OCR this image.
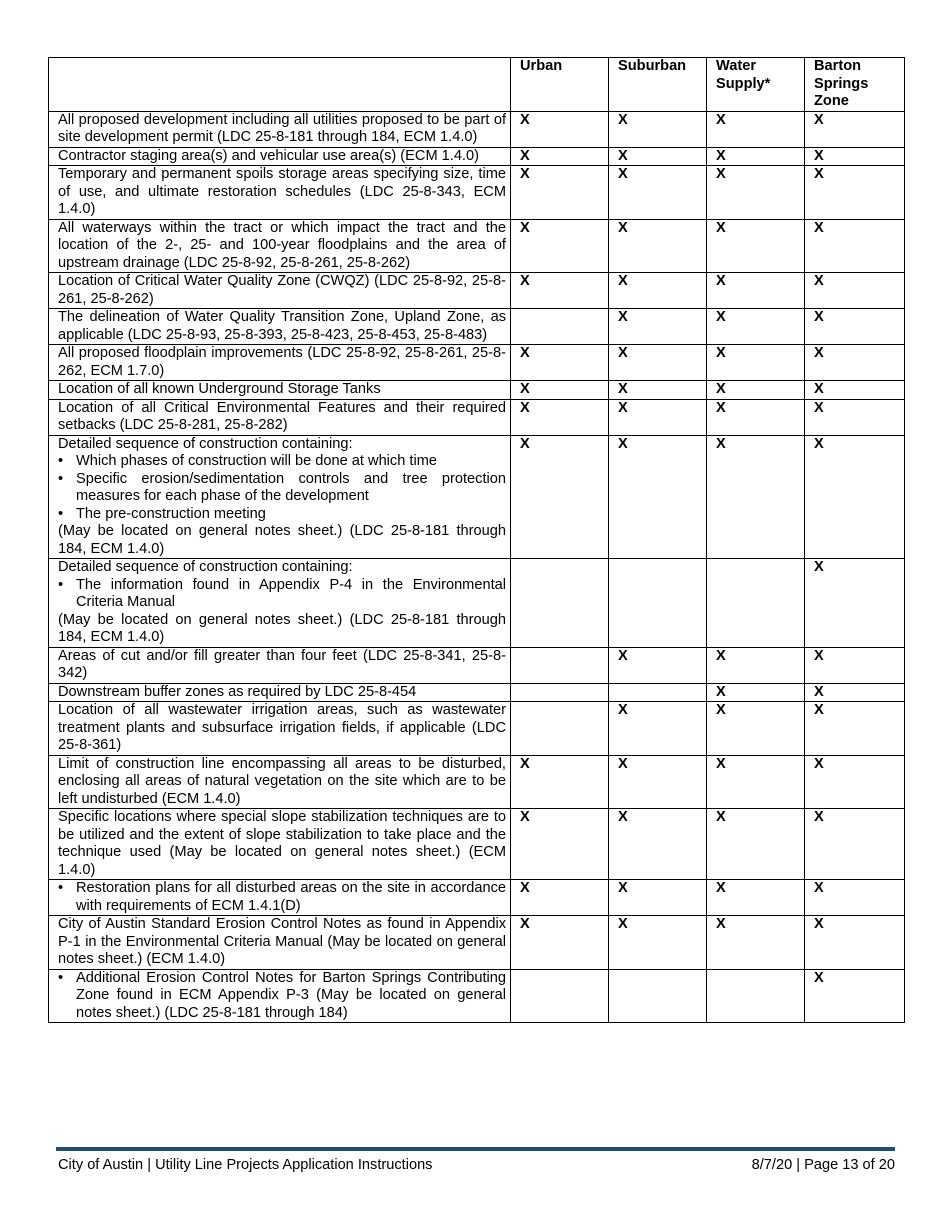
	Urban	Suburban	Water Supply*	Barton Springs Zone

All proposed development including all utilities proposed to be part of site development permit (LDC 25-8-181 through 184, ECM 1.4.0)	X	X	X	X

Contractor staging area(s) and vehicular use area(s) (ECM 1.4.0)	X	X	X	X

Temporary and permanent spoils storage areas specifying size, time of use, and ultimate restoration schedules (LDC 25-8-343, ECM 1.4.0)	X	X	X	X

All waterways within the tract or which impact the tract and the location of the 2-, 25- and 100-year floodplains and the area of upstream drainage (LDC 25-8-92, 25-8-261, 25-8-262)	X	X	X	X

Location of Critical Water Quality Zone (CWQZ) (LDC 25-8-92, 25-8-261, 25-8-262)	X	X	X	X

The delineation of Water Quality Transition Zone, Upland Zone, as applicable (LDC 25-8-93, 25-8-393, 25-8-423, 25-8-453, 25-8-483)		X	X	X

All proposed floodplain improvements (LDC 25-8-92, 25-8-261, 25-8-262, ECM 1.7.0)	X	X	X	X

Location of all known Underground Storage Tanks	X	X	X	X

Location of all Critical Environmental Features and their required setbacks (LDC 25-8-281, 25-8-282)	X	X	X	X

Detailed sequence of construction containing:
• Which phases of construction will be done at which time
• Specific erosion/sedimentation controls and tree protection measures for each phase of the development
• The pre-construction meeting
(May be located on general notes sheet.) (LDC 25-8-181 through 184, ECM 1.4.0)	X	X	X	X

Detailed sequence of construction containing:
• The information found in Appendix P-4 in the Environmental Criteria Manual
(May be located on general notes sheet.) (LDC 25-8-181 through 184, ECM 1.4.0)				X

Areas of cut and/or fill greater than four feet (LDC 25-8-341, 25-8-342)		X	X	X

Downstream buffer zones as required by LDC 25-8-454			X	X

Location of all wastewater irrigation areas, such as wastewater treatment plants and subsurface irrigation fields, if applicable (LDC 25-8-361)		X	X	X

Limit of construction line encompassing all areas to be disturbed, enclosing all areas of natural vegetation on the site which are to be left undisturbed (ECM 1.4.0)	X	X	X	X

Specific locations where special slope stabilization techniques are to be utilized and the extent of slope stabilization to take place and the technique used (May be located on general notes sheet.) (ECM 1.4.0)	X	X	X	X

• Restoration plans for all disturbed areas on the site in accordance with requirements of ECM 1.4.1(D)	X	X	X	X

City of Austin Standard Erosion Control Notes as found in Appendix P-1 in the Environmental Criteria Manual (May be located on general notes sheet.) (ECM 1.4.0)	X	X	X	X

• Additional Erosion Control Notes for Barton Springs Contributing Zone found in ECM Appendix P-3 (May be located on general notes sheet.) (LDC 25-8-181 through 184)				X
City of Austin | Utility Line Projects Application Instructions	8/7/20 | Page 13 of 20
